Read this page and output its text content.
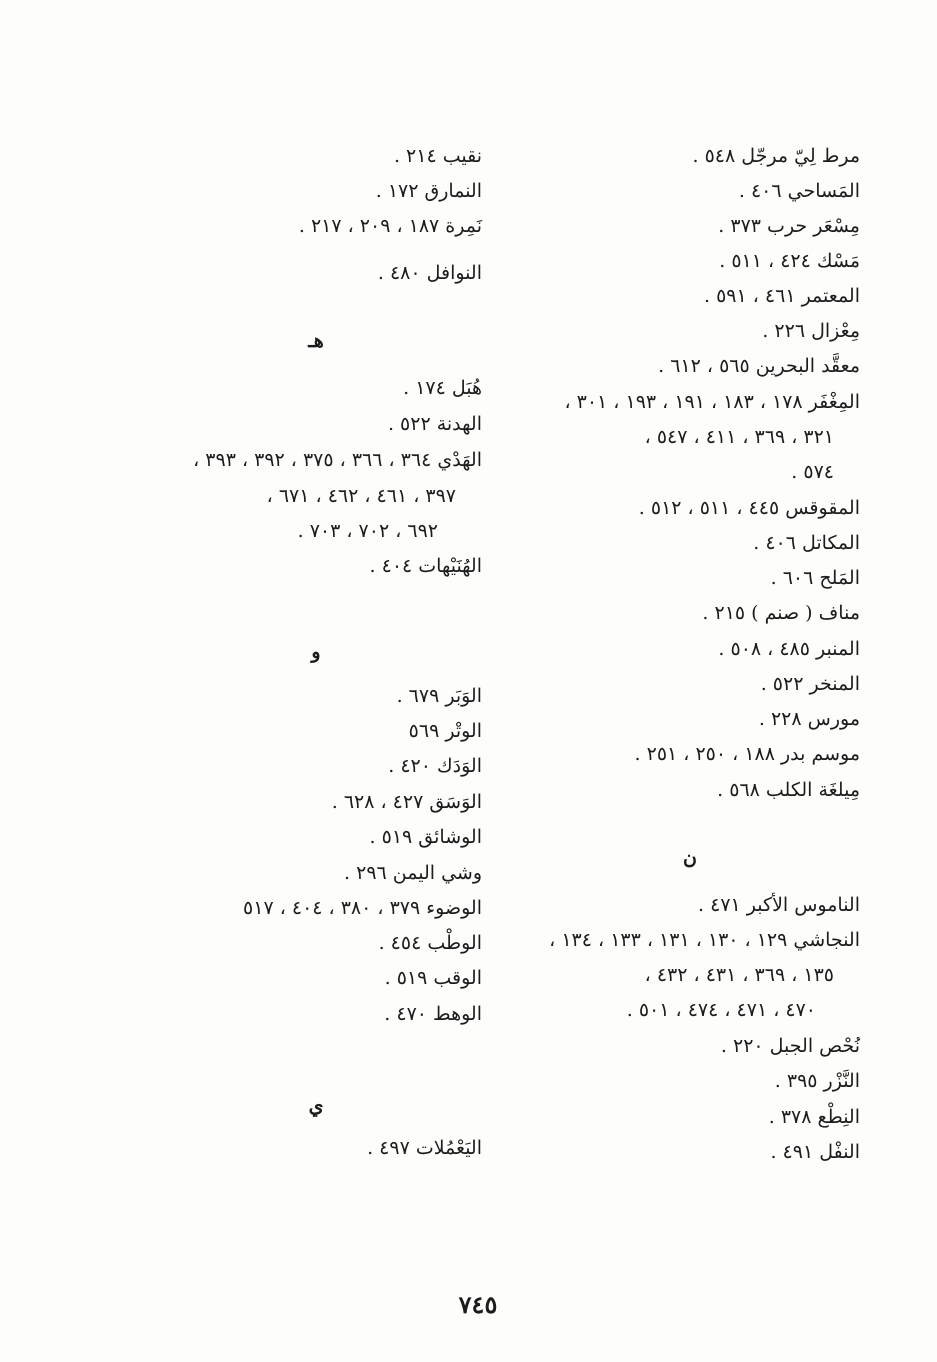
مرط لِيّ مرجّل ٥٤٨ .
المَساحي ٤٠٦ .
مِسْعَر حرب ٣٧٣ .
مَسْك ٤٢٤ ، ٥١١ .
المعتمر ٤٦١ ، ٥٩١ .
مِعْزال ٢٢٦ .
معقَّد البحرين ٥٦٥ ، ٦١٢ .
المِغْفَر ١٧٨ ، ١٨٣ ، ١٩١ ، ١٩٣ ، ٣٠١ ،
٣٢١ ، ٣٦٩ ، ٤١١ ، ٥٤٧ ،
٥٧٤ .
المقوقس ٤٤٥ ، ٥١١ ، ٥١٢ .
المكاتل ٤٠٦ .
المَلح ٦٠٦ .
مناف ( صنم ) ٢١٥ .
المنبر ٤٨٥ ، ٥٠٨ .
المنخر ٥٢٢ .
مورس ٢٢٨ .
موسم بدر ١٨٨ ، ٢٥٠ ، ٢٥١ .
مِيلغَة الكلب ٥٦٨ .
ن
الناموس الأكبر ٤٧١ .
النجاشي ١٢٩ ، ١٣٠ ، ١٣١ ، ١٣٣ ، ١٣٤ ،
١٣٥ ، ٣٦٩ ، ٤٣١ ، ٤٣٢ ،
٤٧٠ ، ٤٧١ ، ٤٧٤ ، ٥٠١ .
نُحْص الجبل ٢٢٠ .
النَّزْر ٣٩٥ .
النِطْع ٣٧٨ .
النفْل ٤٩١ .
نقيب ٢١٤ .
النمارق ١٧٢ .
نَمِرة ١٨٧ ، ٢٠٩ ، ٢١٧ .
النوافل ٤٨٠ .
هـ
هُبَل ١٧٤ .
الهدنة ٥٢٢ .
الهَدْي ٣٦٤ ، ٣٦٦ ، ٣٧٥ ، ٣٩٢ ، ٣٩٣ ،
٣٩٧ ، ٤٦١ ، ٤٦٢ ، ٦٧١ ،
٦٩٢ ، ٧٠٢ ، ٧٠٣ .
الهُنَيْهات ٤٠٤ .
و
الوَبَر ٦٧٩ .
الوتْر ٥٦٩
الوَدَك ٤٢٠ .
الوَسَق ٤٢٧ ، ٦٢٨ .
الوشائق ٥١٩ .
وشي اليمن ٢٩٦ .
الوضوء ٣٧٩ ، ٣٨٠ ، ٤٠٤ ، ٥١٧
الوطْب ٤٥٤ .
الوقب ٥١٩ .
الوهط ٤٧٠ .
ي
اليَعْمُلات ٤٩٧ .
٧٤٥
